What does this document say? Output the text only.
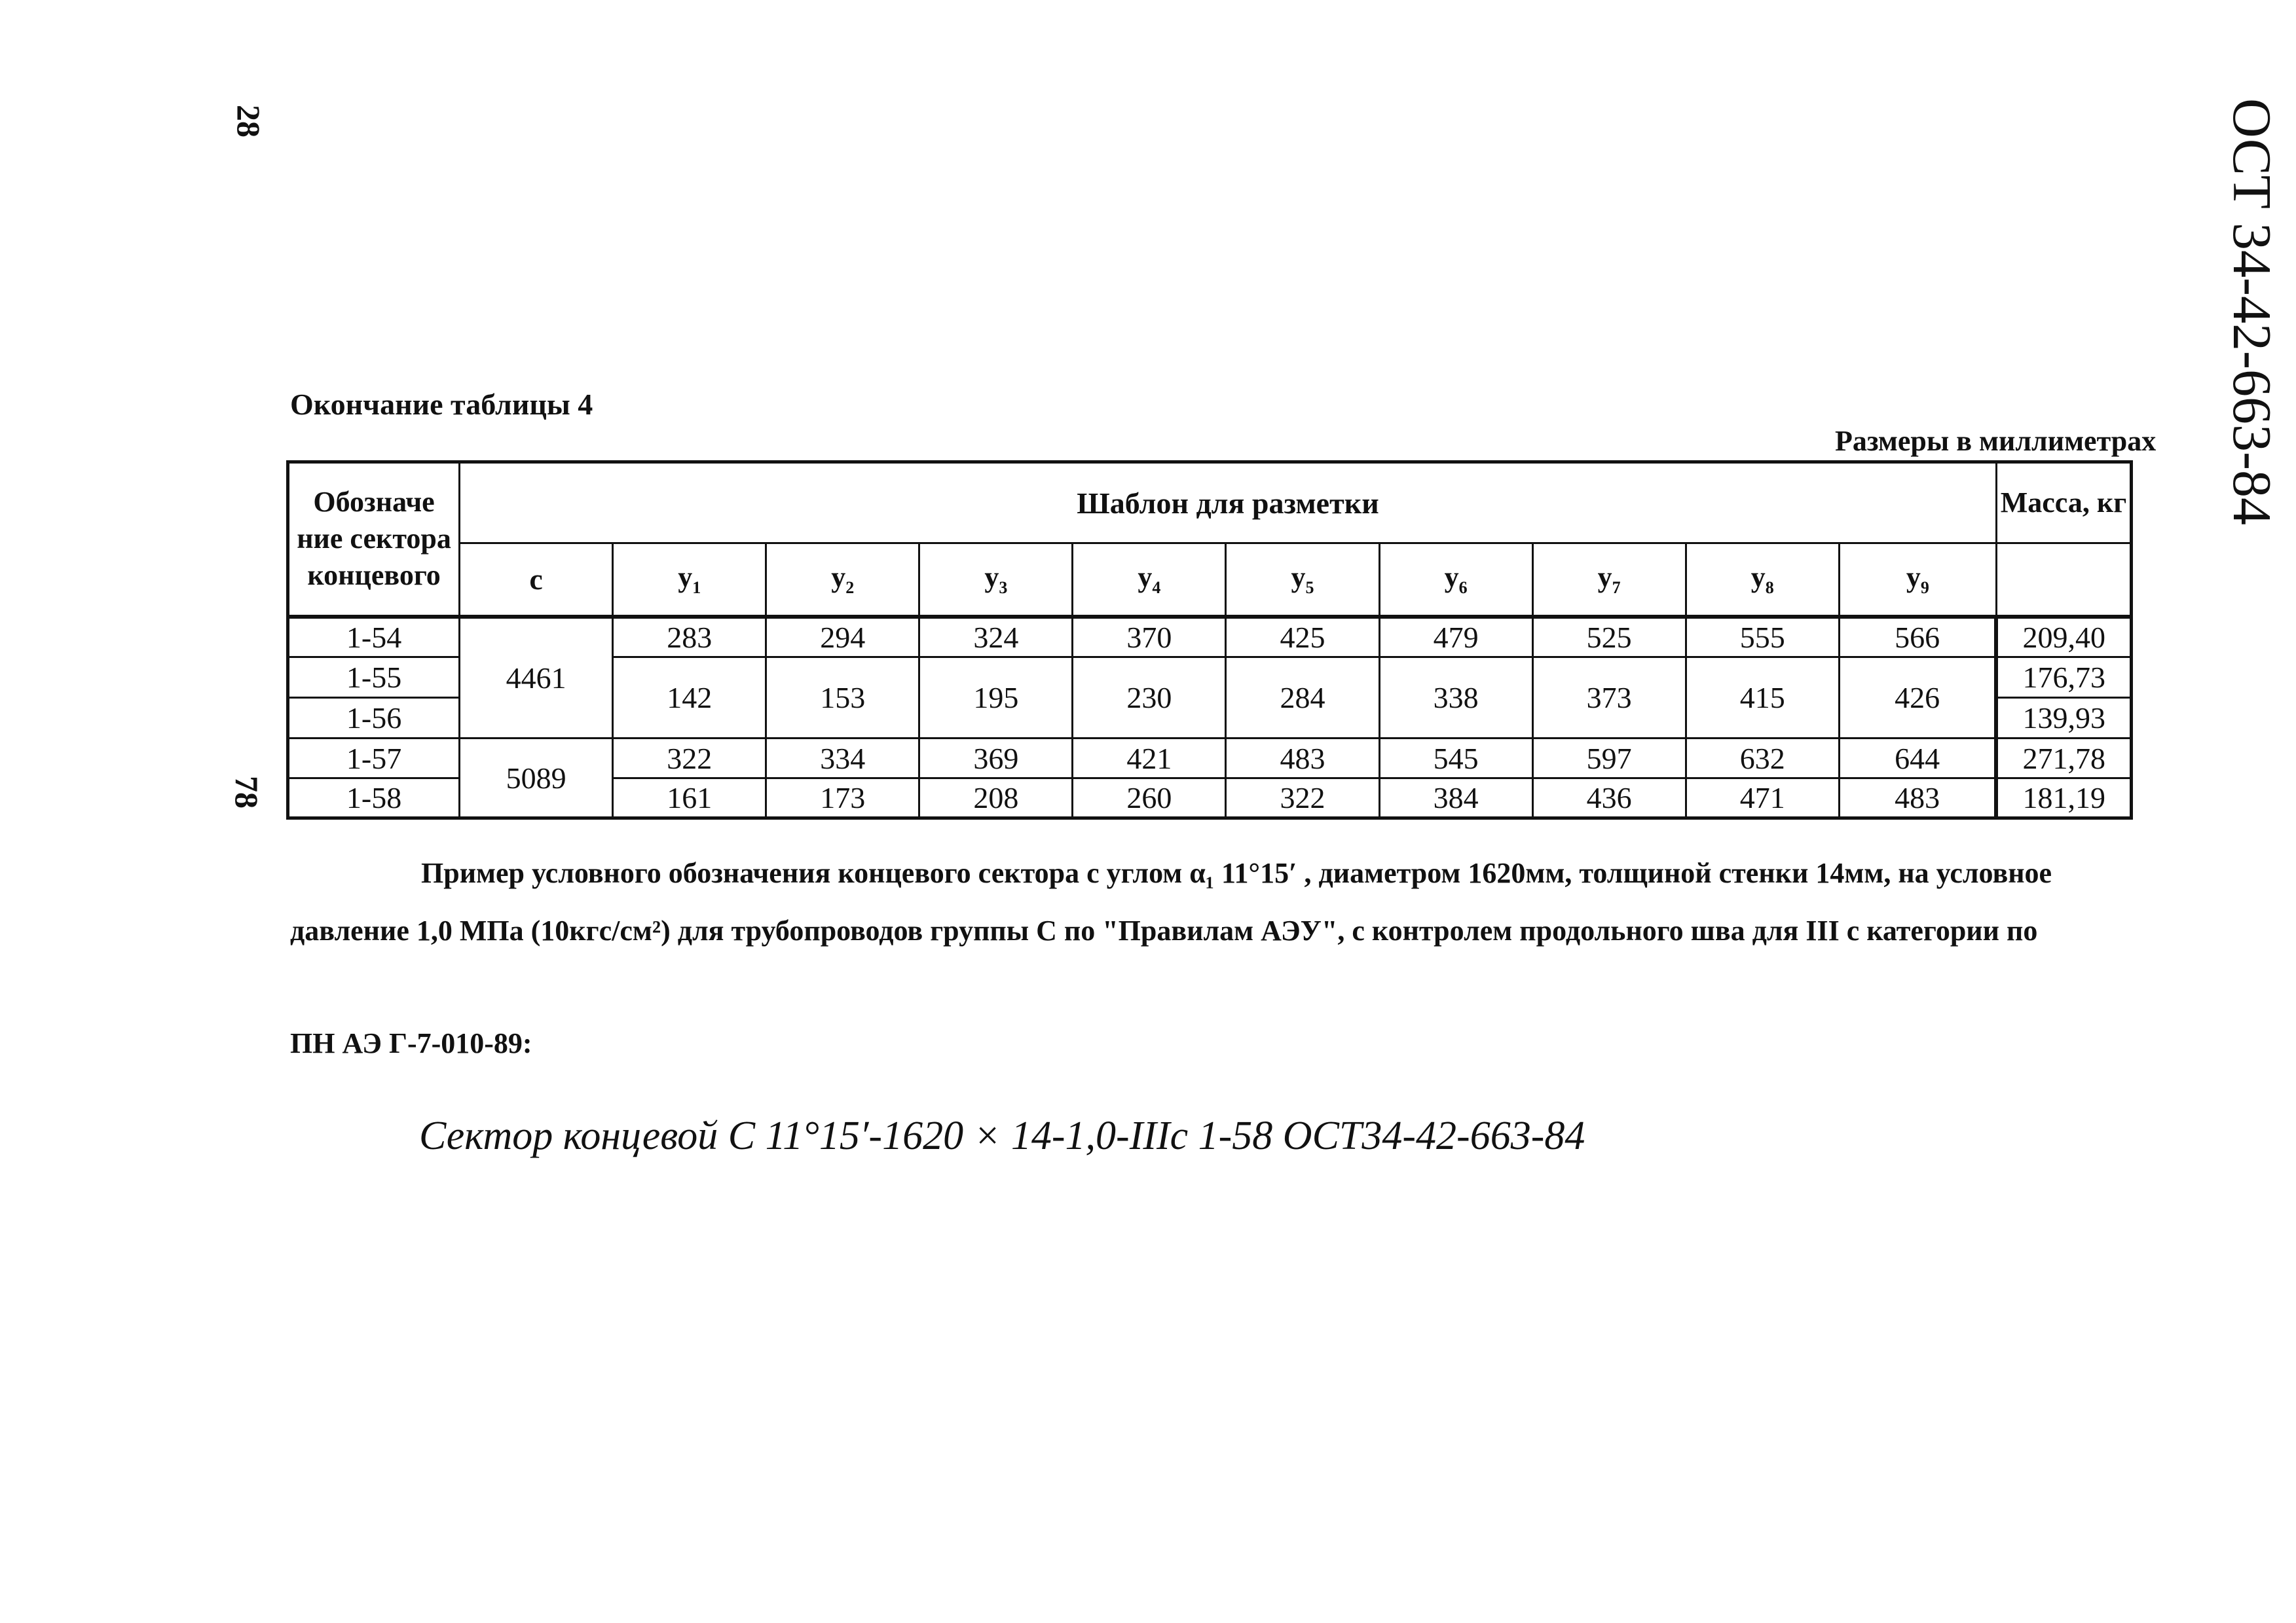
28
78
ОСТ 34-42-663-84
Окончание таблицы 4
Размеры в миллиметрах
Обозначе ние сектора концевого	Шаблон для разметки										Масса, кг
	с	$у_1$	$у_2$	$у_3$	$у_4$	$у_5$	$у_6$	$у_7$	$у_8$	$у_9$	
1-54	4461	283	294	324	370	425	479	525	555	566	209,40
1-55		142	153	195	230	284	338	373	415	426	176,73
1-56											139,93
1-57	5089	322	334	369	421	483	545	597	632	644	271,78
1-58		161	173	208	260	322	384	436	471	483	181,19
Пример условного обозначения концевого сектора с углом α₁ 11°15′ , диаметром 1620мм, толщиной стенки 14мм, на условное давление 1,0 МПа (10кгс/см²) для трубопроводов группы С по "Правилам АЭУ", с контролем продольного шва для III с категории по
ПН АЭ Г-7-010-89:
Сектор концевой С 11°15′-1620 × 14-1,0-IIIс 1-58 ОСТ34-42-663-84
